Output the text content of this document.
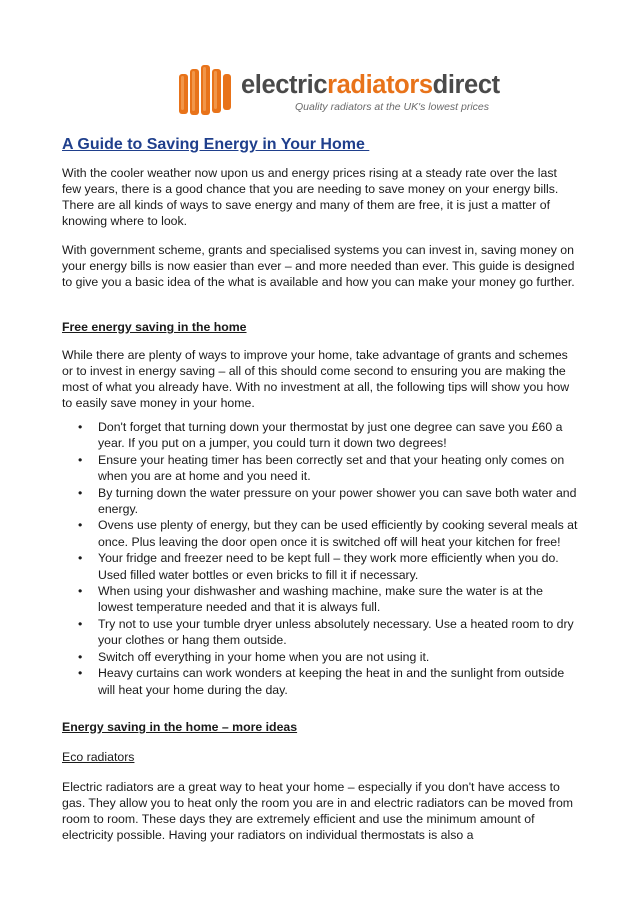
electricradiatorsdirect
Quality radiators at the UK's lowest prices
A Guide to Saving Energy in Your Home

With the cooler weather now upon us and energy prices rising at a steady rate over the last few years, there is a good chance that you are needing to save money on your energy bills. There are all kinds of ways to save energy and many of them are free, it is just a matter of knowing where to look.

With government scheme, grants and specialised systems you can invest in, saving money on your energy bills is now easier than ever – and more needed than ever. This guide is designed to give you a basic idea of the what is available and how you can make your money go further.

Free energy saving in the home

While there are plenty of ways to improve your home, take advantage of grants and schemes or to invest in energy saving – all of this should come second to ensuring you are making the most of what you already have. With no investment at all, the following tips will show you how to easily save money in your home.

• Don't forget that turning down your thermostat by just one degree can save you £60 a year. If you put on a jumper, you could turn it down two degrees!
• Ensure your heating timer has been correctly set and that your heating only comes on when you are at home and you need it.
• By turning down the water pressure on your power shower you can save both water and energy.
• Ovens use plenty of energy, but they can be used efficiently by cooking several meals at once. Plus leaving the door open once it is switched off will heat your kitchen for free!
• Your fridge and freezer need to be kept full – they work more efficiently when you do. Used filled water bottles or even bricks to fill it if necessary.
• When using your dishwasher and washing machine, make sure the water is at the lowest temperature needed and that it is always full.
• Try not to use your tumble dryer unless absolutely necessary. Use a heated room to dry your clothes or hang them outside.
• Switch off everything in your home when you are not using it.
• Heavy curtains can work wonders at keeping the heat in and the sunlight from outside will heat your home during the day.

Energy saving in the home – more ideas

Eco radiators

Electric radiators are a great way to heat your home – especially if you don't have access to gas. They allow you to heat only the room you are in and electric radiators can be moved from room to room. These days they are extremely efficient and use the minimum amount of electricity possible. Having your radiators on individual thermostats is also a
